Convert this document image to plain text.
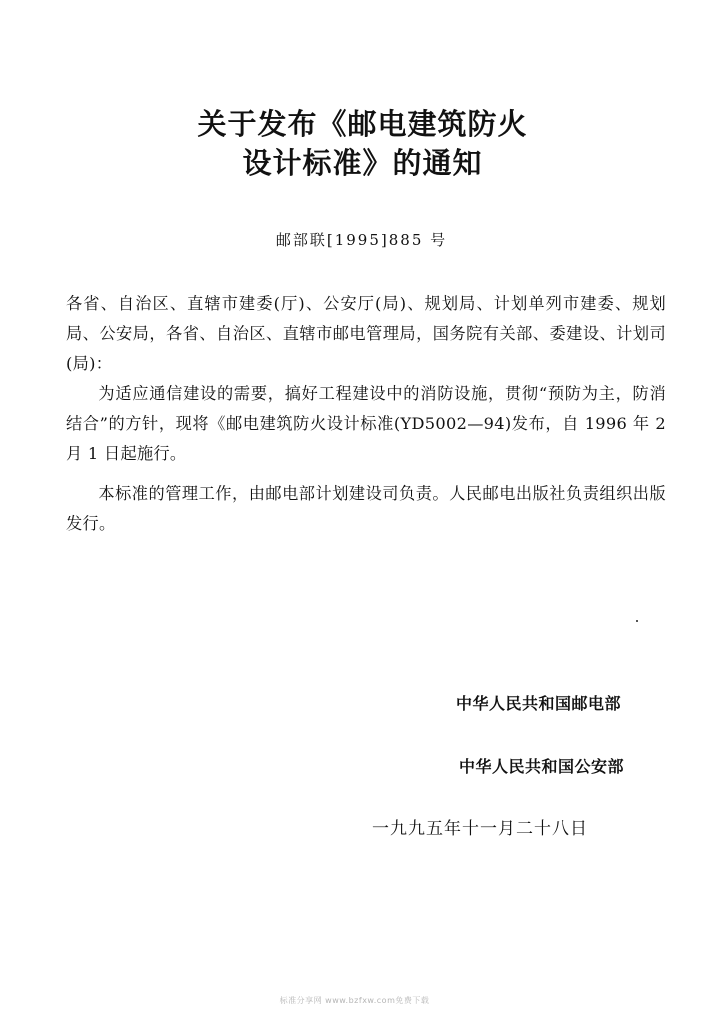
关于发布《邮电建筑防火
设计标准》的通知
邮部联[1995]885 号

各省、自治区、直辖市建委(厅)、公安厅(局)、规划局、计划单列市建委、规划局、公安局，各省、自治区、直辖市邮电管理局，国务院有关部、委建设、计划司(局)：

为适应通信建设的需要，搞好工程建设中的消防设施，贯彻“预防为主，防消结合”的方针，现将《邮电建筑防火设计标准(YD5002—94)发布，自 1996 年 2 月 1 日起施行。

本标准的管理工作，由邮电部计划建设司负责。人民邮电出版社负责组织出版发行。

中华人民共和国邮电部
中华人民共和国公安部
一九九五年十一月二十八日
标准分享网 www.bzfxw.com免费下载
